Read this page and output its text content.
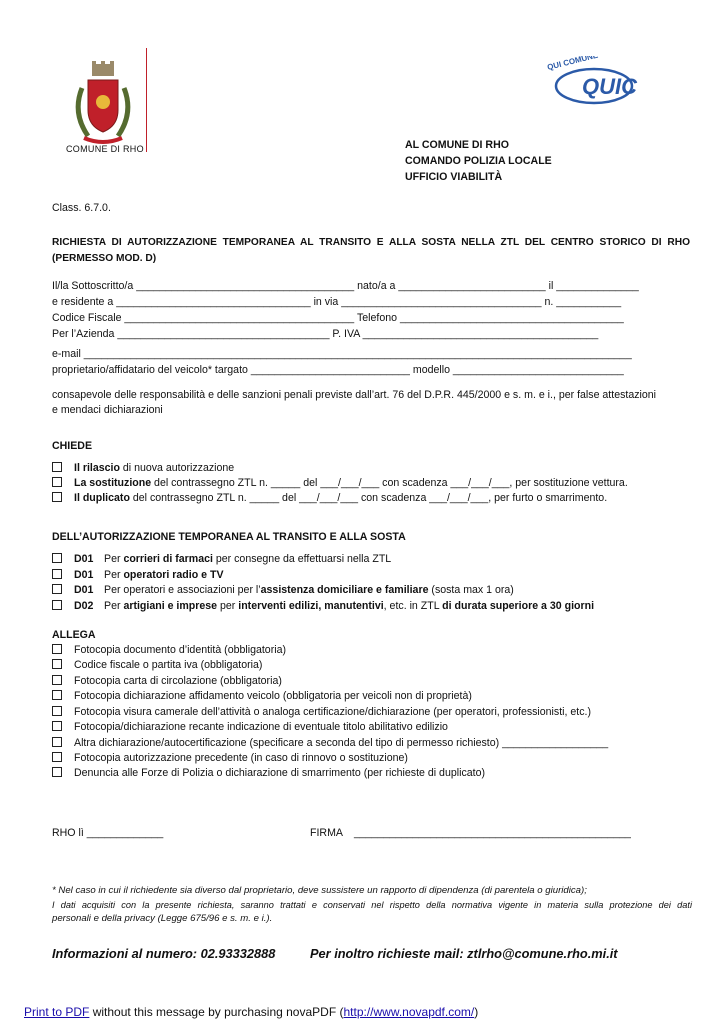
COMUNE DI RHO
QUIC
QUI COMUNE
AL COMUNE DI RHO
COMANDO POLIZIA LOCALE
UFFICIO VIABILITÀ
Class. 6.7.0.
RICHIESTA DI AUTORIZZAZIONE TEMPORANEA AL TRANSITO E ALLA SOSTA NELLA ZTL DEL CENTRO STORICO DI RHO
(PERMESSO MOD. D)
Il/la Sottoscritto/a _____________________________________ nato/a a _________________________ il ______________
e residente a _________________________________ in via __________________________________ n. ___________
Codice Fiscale _______________________________________ Telefono ______________________________________
Per l’Azienda ____________________________________ P. IVA ________________________________________
e-mail _____________________________________________________________________________________________
proprietario/affidatario del veicolo* targato ___________________________ modello _____________________________
consapevole delle responsabilità e delle sanzioni penali previste dall’art. 76 del D.P.R. 445/2000 e s. m. e i., per false attestazioni
e mendaci dichiarazioni
CHIEDE
Il rilascio di nuova autorizzazione
La sostituzione del contrassegno ZTL n. _____ del ___/___/___ con scadenza ___/___/___, per sostituzione vettura.
Il duplicato del contrassegno ZTL n. _____ del ___/___/___ con scadenza ___/___/___, per furto o smarrimento.
DELL’AUTORIZZAZIONE TEMPORANEA AL TRANSITO E ALLA SOSTA
D01 Per corrieri di farmaci per consegne da effettuarsi nella ZTL
D01 Per operatori radio e TV
D01 Per operatori e associazioni per l’assistenza domiciliare e familiare (sosta max 1 ora)
D02 Per artigiani e imprese per interventi edilizi, manutentivi, etc. in ZTL di durata superiore a 30 giorni
ALLEGA
Fotocopia documento d’identità (obbligatoria)
Codice fiscale o partita iva (obbligatoria)
Fotocopia carta di circolazione (obbligatoria)
Fotocopia dichiarazione affidamento veicolo (obbligatoria per veicoli non di proprietà)
Fotocopia visura camerale dell’attività o analoga certificazione/dichiarazione (per operatori, professionisti, etc.)
Fotocopia/dichiarazione recante indicazione di eventuale titolo abilitativo edilizio
Altra dichiarazione/autocertificazione (specificare a seconda del tipo di permesso richiesto) __________________
Fotocopia autorizzazione precedente (in caso di rinnovo o sostituzione)
Denuncia alle Forze di Polizia o dichiarazione di smarrimento (per richieste di duplicato)
RHO lì _____________	FIRMA _______________________________________________
* Nel caso in cui il richiedente sia diverso dal proprietario, deve sussistere un rapporto di dipendenza (di parentela o giuridica);
I dati acquisiti con la presente richiesta, saranno trattati e conservati nel rispetto della normativa vigente in materia sulla protezione dei dati
personali e della privacy (Legge 675/96 e s. m. e i.).
Informazioni al numero: 02.93332888	Per inoltro richieste mail: ztlrho@comune.rho.mi.it
Print to PDF without this message by purchasing novaPDF (http://www.novapdf.com/)
